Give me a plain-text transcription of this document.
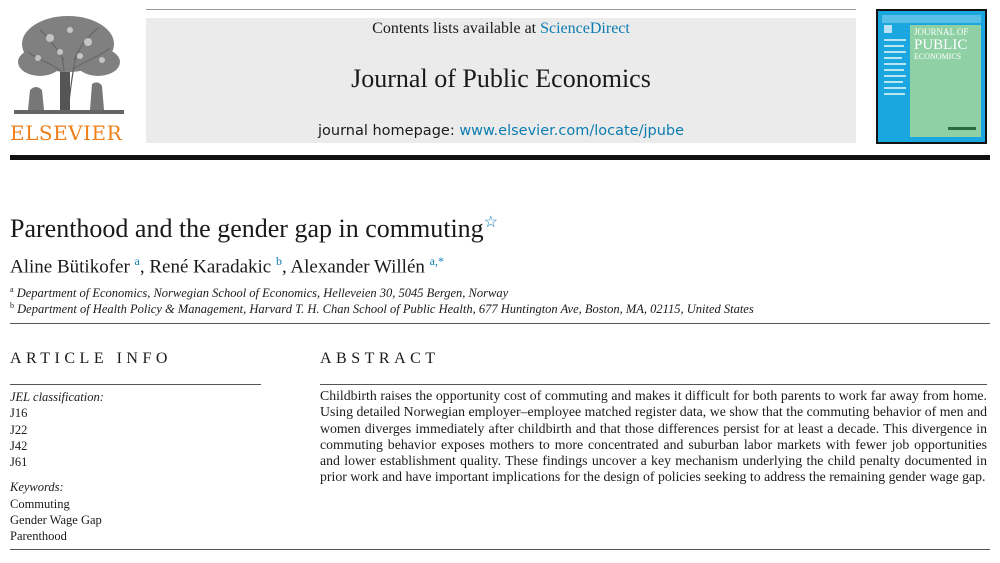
ELSEVIER
Contents lists available at ScienceDirect
Journal of Public Economics
journal homepage: www.elsevier.com/locate/jpube
JOURNAL OF
PUBLIC
ECONOMICS
Parenthood and the gender gap in commuting☆
Aline Bütikofer $^a$, René Karadakic $^b$, Alexander Willén $^{a,*}$
$^a$ Department of Economics, Norwegian School of Economics, Helleveien 30, 5045 Bergen, Norway
$^b$ Department of Health Policy & Management, Harvard T. H. Chan School of Public Health, 677 Huntington Ave, Boston, MA, 02115, United States
ARTICLE INFO
JEL classification:
J16
J22
J42
J61
Keywords:
Commuting
Gender Wage Gap
Parenthood
ABSTRACT
Childbirth raises the opportunity cost of commuting and makes it difficult for both parents to work far away from home. Using detailed Norwegian employer–employee matched register data, we show that the commuting behavior of men and women diverges immediately after childbirth and that those differences persist for at least a decade. This divergence in commuting behavior exposes mothers to more concentrated and suburban labor markets with fewer job opportunities and lower establishment quality. These findings uncover a key mechanism underlying the child penalty documented in prior work and have important implications for the design of policies seeking to address the remaining gender wage gap.
